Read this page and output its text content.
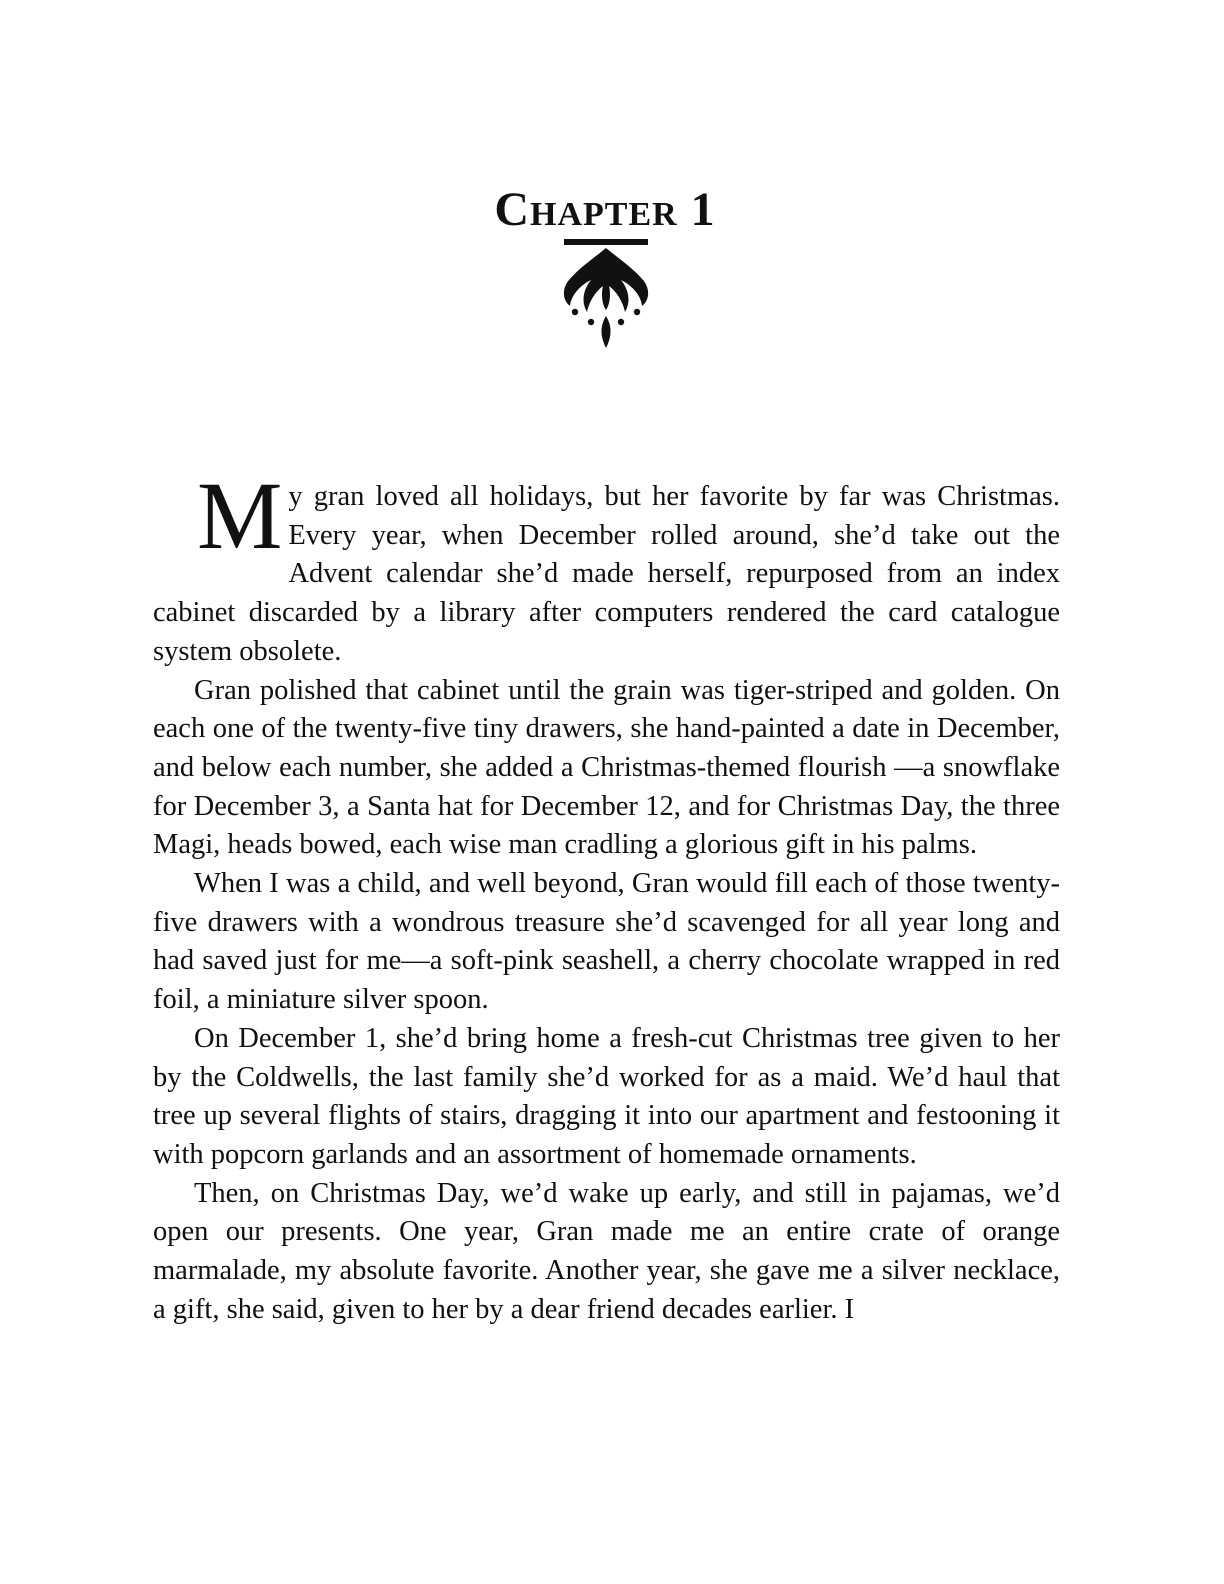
Chapter 1

M y gran loved all holidays, but her favorite by far was Christmas. Every year, when December rolled around, she’d take out the Advent calendar she’d made herself, repurposed from an index cabinet discarded by a library after computers rendered the card catalogue system obsolete.

Gran polished that cabinet until the grain was tiger-striped and golden. On each one of the twenty-five tiny drawers, she hand-painted a date in December, and below each number, she added a Christmas-themed flourish —a snowflake for December 3, a Santa hat for December 12, and for Christmas Day, the three Magi, heads bowed, each wise man cradling a glorious gift in his palms.

When I was a child, and well beyond, Gran would fill each of those twenty-five drawers with a wondrous treasure she’d scavenged for all year long and had saved just for me—a soft-pink seashell, a cherry chocolate wrapped in red foil, a miniature silver spoon.

On December 1, she’d bring home a fresh-cut Christmas tree given to her by the Coldwells, the last family she’d worked for as a maid. We’d haul that tree up several flights of stairs, dragging it into our apartment and festooning it with popcorn garlands and an assortment of homemade ornaments.

Then, on Christmas Day, we’d wake up early, and still in pajamas, we’d open our presents. One year, Gran made me an entire crate of orange marmalade, my absolute favorite. Another year, she gave me a silver necklace, a gift, she said, given to her by a dear friend decades earlier. I
